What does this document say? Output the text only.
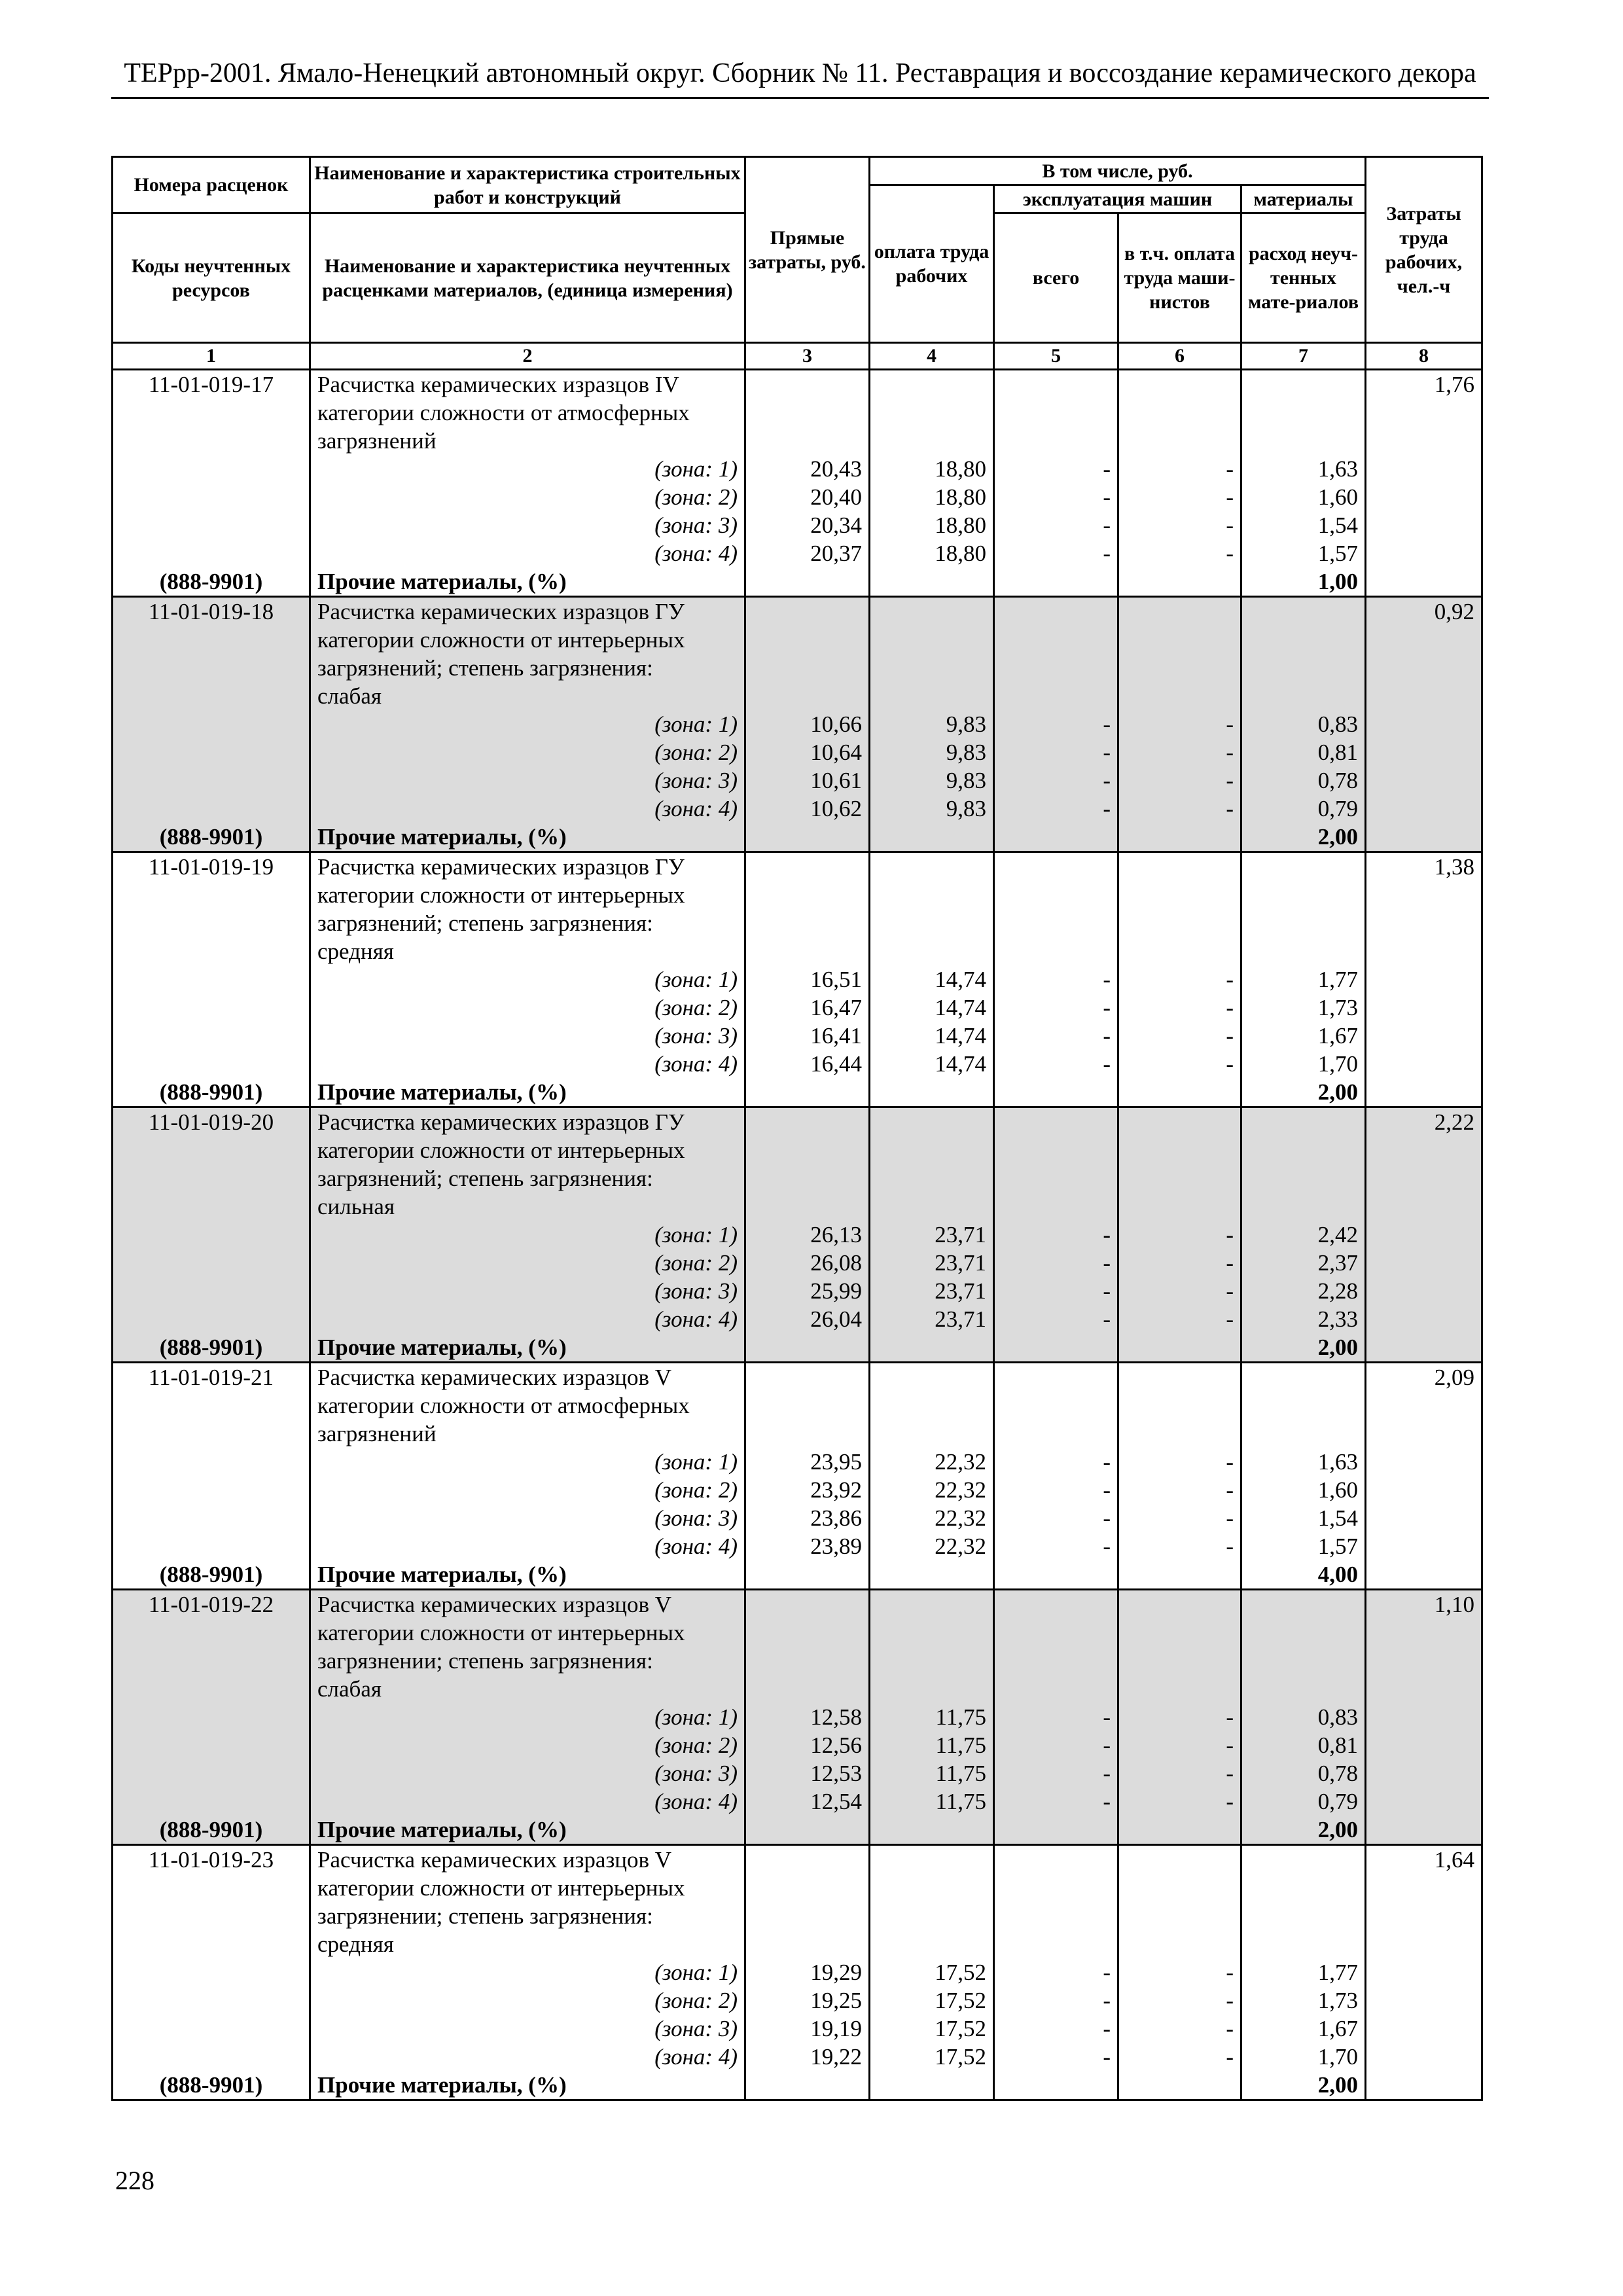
ТЕРрр-2001. Ямало-Ненецкий автономный округ. Сборник № 11. Реставрация и воссоздание керамического декора
Номера расценок	Наименование и характеристика строительных работ и конструкций	Прямые затраты, руб.	В том числе, руб.				Затраты труда рабочих, чел.-ч
			оплата труда рабочих	эксплуатация машин		материалы	
Коды неучтенных ресурсов	Наименование и характеристика неучтенных расценками материалов, (единица измерения)			всего	в т.ч. оплата труда маши-нистов	расход неуч-тенных мате-риалов	
1	2	3	4	5	6	7	8
11-01-019-17	Расчистка керамических изразцов IV						1,76
	категории сложности от атмосферных						
	загрязнений						
	(зона: 1)	20,43	18,80	-	-	1,63	
	(зона: 2)	20,40	18,80	-	-	1,60	
	(зона: 3)	20,34	18,80	-	-	1,54	
	(зона: 4)	20,37	18,80	-	-	1,57	
(888-9901)	Прочие материалы, (%)					1,00	
11-01-019-18	Расчистка керамических изразцов ГУ						0,92
	категории сложности от интерьерных						
	загрязнений; степень загрязнения:						
	слабая						
	(зона: 1)	10,66	9,83	-	-	0,83	
	(зона: 2)	10,64	9,83	-	-	0,81	
	(зона: 3)	10,61	9,83	-	-	0,78	
	(зона: 4)	10,62	9,83	-	-	0,79	
(888-9901)	Прочие материалы, (%)					2,00	
11-01-019-19	Расчистка керамических изразцов ГУ						1,38
	категории сложности от интерьерных						
	загрязнений; степень загрязнения:						
	средняя						
	(зона: 1)	16,51	14,74	-	-	1,77	
	(зона: 2)	16,47	14,74	-	-	1,73	
	(зона: 3)	16,41	14,74	-	-	1,67	
	(зона: 4)	16,44	14,74	-	-	1,70	
(888-9901)	Прочие материалы, (%)					2,00	
11-01-019-20	Расчистка керамических изразцов ГУ						2,22
	категории сложности от интерьерных						
	загрязнений; степень загрязнения:						
	сильная						
	(зона: 1)	26,13	23,71	-	-	2,42	
	(зона: 2)	26,08	23,71	-	-	2,37	
	(зона: 3)	25,99	23,71	-	-	2,28	
	(зона: 4)	26,04	23,71	-	-	2,33	
(888-9901)	Прочие материалы, (%)					2,00	
11-01-019-21	Расчистка керамических изразцов V						2,09
	категории сложности от атмосферных						
	загрязнений						
	(зона: 1)	23,95	22,32	-	-	1,63	
	(зона: 2)	23,92	22,32	-	-	1,60	
	(зона: 3)	23,86	22,32	-	-	1,54	
	(зона: 4)	23,89	22,32	-	-	1,57	
(888-9901)	Прочие материалы, (%)					4,00	
11-01-019-22	Расчистка керамических изразцов V						1,10
	категории сложности от интерьерных						
	загрязнении; степень загрязнения:						
	слабая						
	(зона: 1)	12,58	11,75	-	-	0,83	
	(зона: 2)	12,56	11,75	-	-	0,81	
	(зона: 3)	12,53	11,75	-	-	0,78	
	(зона: 4)	12,54	11,75	-	-	0,79	
(888-9901)	Прочие материалы, (%)					2,00	
11-01-019-23	Расчистка керамических изразцов V						1,64
	категории сложности от интерьерных						
	загрязнении; степень загрязнения:						
	средняя						
	(зона: 1)	19,29	17,52	-	-	1,77	
	(зона: 2)	19,25	17,52	-	-	1,73	
	(зона: 3)	19,19	17,52	-	-	1,67	
	(зона: 4)	19,22	17,52	-	-	1,70	
(888-9901)	Прочие материалы, (%)					2,00	
228
